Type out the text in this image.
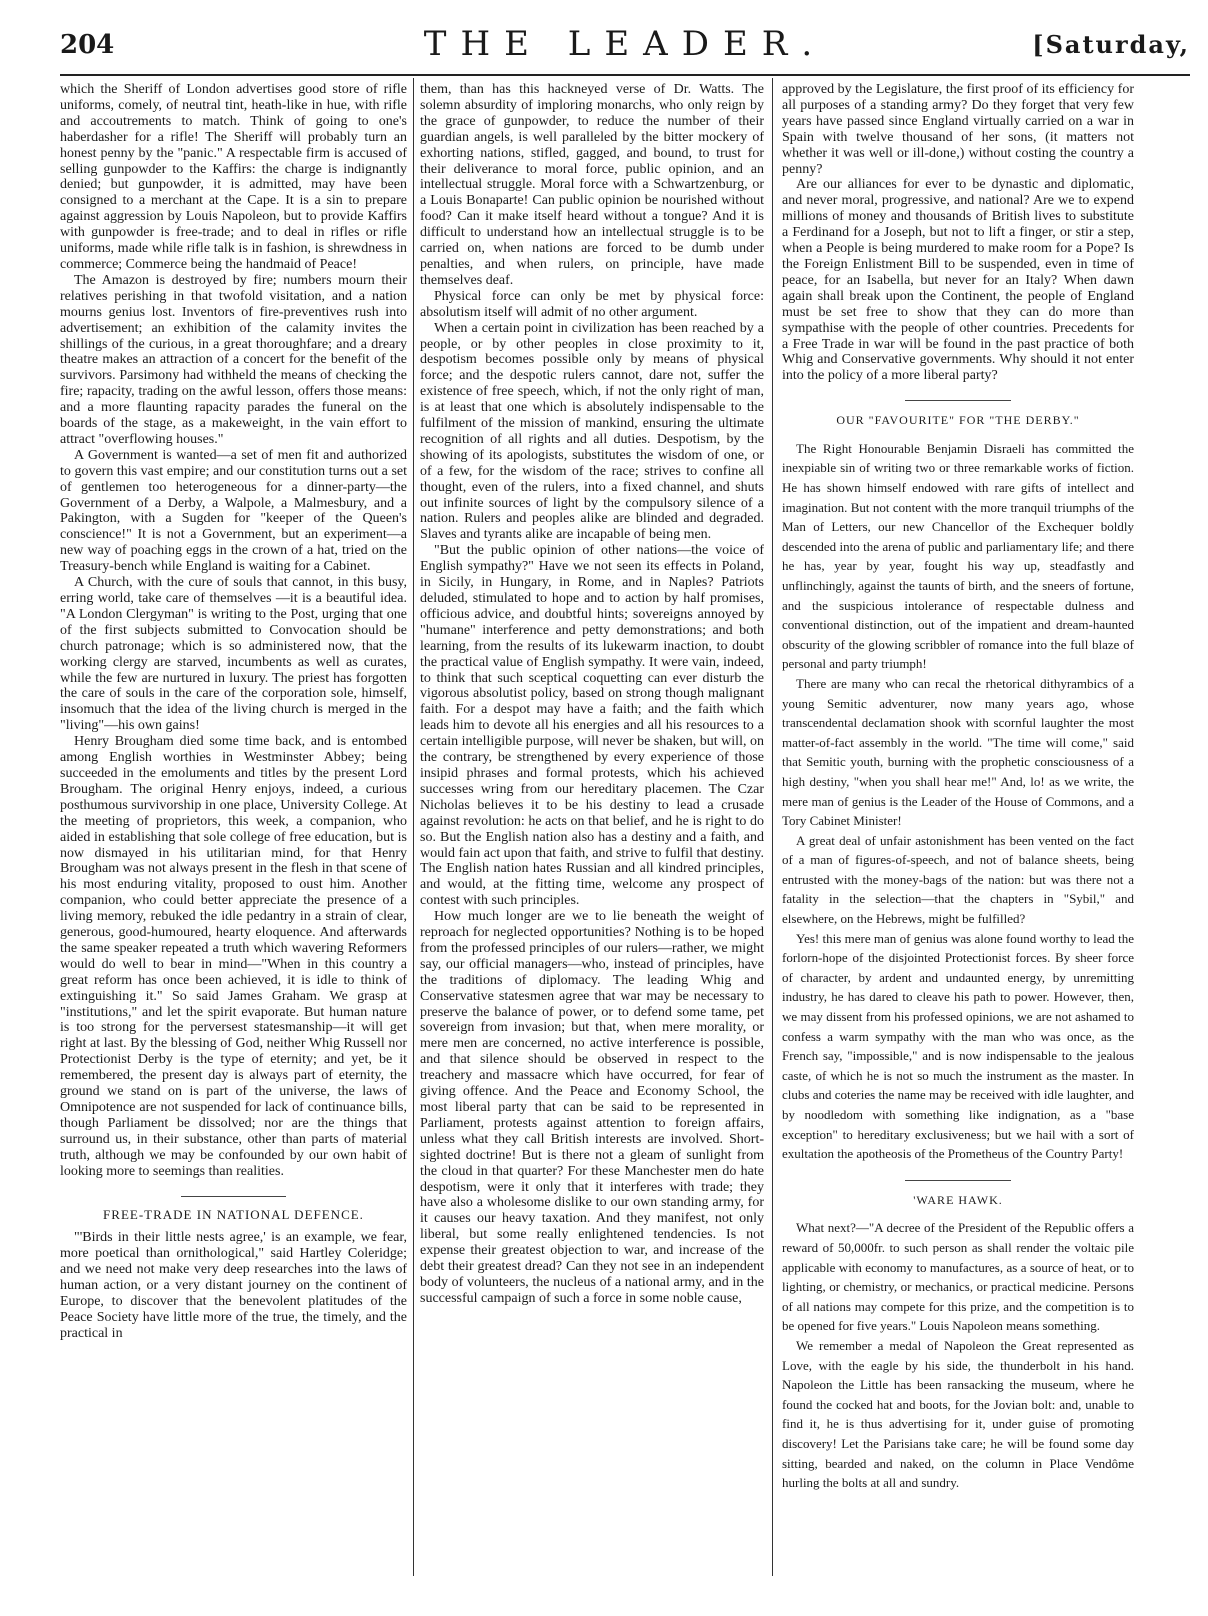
204	THE LEADER.	[Saturday,

which the Sheriff of London advertises good store of rifle uniforms, comely, of neutral tint, heath-like in hue, with rifle and accoutrements to match. Think of going to one's haberdasher for a rifle! The Sheriff will probably turn an honest penny by the "panic." A respectable firm is accused of selling gunpowder to the Kaffirs: the charge is indignantly denied; but gunpowder, it is admitted, may have been consigned to a merchant at the Cape. It is a sin to prepare against aggression by Louis Napoleon, but to provide Kaffirs with gunpowder is free-trade; and to deal in rifles or rifle uniforms, made while rifle talk is in fashion, is shrewdness in commerce; Commerce being the handmaid of Peace!

The Amazon is destroyed by fire; numbers mourn their relatives perishing in that twofold visitation, and a nation mourns genius lost. Inventors of fire-preventives rush into advertisement; an exhibition of the calamity invites the shillings of the curious, in a great thoroughfare; and a dreary theatre makes an attraction of a concert for the benefit of the survivors. Parsimony had withheld the means of checking the fire; rapacity, trading on the awful lesson, offers those means: and a more flaunting rapacity parades the funeral on the boards of the stage, as a makeweight, in the vain effort to attract "overflowing houses."

A Government is wanted—a set of men fit and authorized to govern this vast empire; and our constitution turns out a set of gentlemen too heterogeneous for a dinner-party—the Government of a Derby, a Walpole, a Malmesbury, and a Pakington, with a Sugden for "keeper of the Queen's conscience!" It is not a Government, but an experiment—a new way of poaching eggs in the crown of a hat, tried on the Treasury-bench while England is waiting for a Cabinet.

A Church, with the cure of souls that cannot, in this busy, erring world, take care of themselves —it is a beautiful idea. "A London Clergyman" is writing to the Post, urging that one of the first subjects submitted to Convocation should be church patronage; which is so administered now, that the working clergy are starved, incumbents as well as curates, while the few are nurtured in luxury. The priest has forgotten the care of souls in the care of the corporation sole, himself, insomuch that the idea of the living church is merged in the "living"—his own gains!

Henry Brougham died some time back, and is entombed among English worthies in Westminster Abbey; being succeeded in the emoluments and titles by the present Lord Brougham. The original Henry enjoys, indeed, a curious posthumous survivorship in one place, University College. At the meeting of proprietors, this week, a companion, who aided in establishing that sole college of free education, but is now dismayed in his utilitarian mind, for that Henry Brougham was not always present in the flesh in that scene of his most enduring vitality, proposed to oust him. Another companion, who could better appreciate the presence of a living memory, rebuked the idle pedantry in a strain of clear, generous, good-humoured, hearty eloquence. And afterwards the same speaker repeated a truth which wavering Reformers would do well to bear in mind—"When in this country a great reform has once been achieved, it is idle to think of extinguishing it." So said James Graham. We grasp at "institutions," and let the spirit evaporate. But human nature is too strong for the perversest statesmanship—it will get right at last. By the blessing of God, neither Whig Russell nor Protectionist Derby is the type of eternity; and yet, be it remembered, the present day is always part of eternity, the ground we stand on is part of the universe, the laws of Omnipotence are not suspended for lack of continuance bills, though Parliament be dissolved; nor are the things that surround us, in their substance, other than parts of material truth, although we may be confounded by our own habit of looking more to seemings than realities.

FREE-TRADE IN NATIONAL DEFENCE.

"'Birds in their little nests agree,' is an example, we fear, more poetical than ornithological," said Hartley Coleridge; and we need not make very deep researches into the laws of human action, or a very distant journey on the continent of Europe, to discover that the benevolent platitudes of the Peace Society have little more of the true, the timely, and the practical in

them, than has this hackneyed verse of Dr. Watts. The solemn absurdity of imploring monarchs, who only reign by the grace of gunpowder, to reduce the number of their guardian angels, is well paralleled by the bitter mockery of exhorting nations, stifled, gagged, and bound, to trust for their deliverance to moral force, public opinion, and an intellectual struggle. Moral force with a Schwartzenburg, or a Louis Bonaparte! Can public opinion be nourished without food? Can it make itself heard without a tongue? And it is difficult to understand how an intellectual struggle is to be carried on, when nations are forced to be dumb under penalties, and when rulers, on principle, have made themselves deaf.

Physical force can only be met by physical force: absolutism itself will admit of no other argument.

When a certain point in civilization has been reached by a people, or by other peoples in close proximity to it, despotism becomes possible only by means of physical force; and the despotic rulers cannot, dare not, suffer the existence of free speech, which, if not the only right of man, is at least that one which is absolutely indispensable to the fulfilment of the mission of mankind, ensuring the ultimate recognition of all rights and all duties. Despotism, by the showing of its apologists, substitutes the wisdom of one, or of a few, for the wisdom of the race; strives to confine all thought, even of the rulers, into a fixed channel, and shuts out infinite sources of light by the compulsory silence of a nation. Rulers and peoples alike are blinded and degraded. Slaves and tyrants alike are incapable of being men.

"But the public opinion of other nations—the voice of English sympathy?" Have we not seen its effects in Poland, in Sicily, in Hungary, in Rome, and in Naples? Patriots deluded, stimulated to hope and to action by half promises, officious advice, and doubtful hints; sovereigns annoyed by "humane" interference and petty demonstrations; and both learning, from the results of its lukewarm inaction, to doubt the practical value of English sympathy. It were vain, indeed, to think that such sceptical coquetting can ever disturb the vigorous absolutist policy, based on strong though malignant faith. For a despot may have a faith; and the faith which leads him to devote all his energies and all his resources to a certain intelligible purpose, will never be shaken, but will, on the contrary, be strengthened by every experience of those insipid phrases and formal protests, which his achieved successes wring from our hereditary placemen. The Czar Nicholas believes it to be his destiny to lead a crusade against revolution: he acts on that belief, and he is right to do so. But the English nation also has a destiny and a faith, and would fain act upon that faith, and strive to fulfil that destiny. The English nation hates Russian and all kindred principles, and would, at the fitting time, welcome any prospect of contest with such principles.

How much longer are we to lie beneath the weight of reproach for neglected opportunities? Nothing is to be hoped from the professed principles of our rulers—rather, we might say, our official managers—who, instead of principles, have the traditions of diplomacy. The leading Whig and Conservative statesmen agree that war may be necessary to preserve the balance of power, or to defend some tame, pet sovereign from invasion; but that, when mere morality, or mere men are concerned, no active interference is possible, and that silence should be observed in respect to the treachery and massacre which have occurred, for fear of giving offence. And the Peace and Economy School, the most liberal party that can be said to be represented in Parliament, protests against attention to foreign affairs, unless what they call British interests are involved. Short-sighted doctrine! But is there not a gleam of sunlight from the cloud in that quarter? For these Manchester men do hate despotism, were it only that it interferes with trade; they have also a wholesome dislike to our own standing army, for it causes our heavy taxation. And they manifest, not only liberal, but some really enlightened tendencies. Is not expense their greatest objection to war, and increase of the debt their greatest dread? Can they not see in an independent body of volunteers, the nucleus of a national army, and in the successful campaign of such a force in some noble cause,

approved by the Legislature, the first proof of its efficiency for all purposes of a standing army? Do they forget that very few years have passed since England virtually carried on a war in Spain with twelve thousand of her sons, (it matters not whether it was well or ill-done,) without costing the country a penny?

Are our alliances for ever to be dynastic and diplomatic, and never moral, progressive, and national? Are we to expend millions of money and thousands of British lives to substitute a Ferdinand for a Joseph, but not to lift a finger, or stir a step, when a People is being murdered to make room for a Pope? Is the Foreign Enlistment Bill to be suspended, even in time of peace, for an Isabella, but never for an Italy? When dawn again shall break upon the Continent, the people of England must be set free to show that they can do more than sympathise with the people of other countries. Precedents for a Free Trade in war will be found in the past practice of both Whig and Conservative governments. Why should it not enter into the policy of a more liberal party?

OUR "FAVOURITE" FOR "THE DERBY."

The Right Honourable Benjamin Disraeli has committed the inexpiable sin of writing two or three remarkable works of fiction. He has shown himself endowed with rare gifts of intellect and imagination. But not content with the more tranquil triumphs of the Man of Letters, our new Chancellor of the Exchequer boldly descended into the arena of public and parliamentary life; and there he has, year by year, fought his way up, steadfastly and unflinchingly, against the taunts of birth, and the sneers of fortune, and the suspicious intolerance of respectable dulness and conventional distinction, out of the impatient and dream-haunted obscurity of the glowing scribbler of romance into the full blaze of personal and party triumph!

There are many who can recal the rhetorical dithyrambics of a young Semitic adventurer, now many years ago, whose transcendental declamation shook with scornful laughter the most matter-of-fact assembly in the world. "The time will come," said that Semitic youth, burning with the prophetic consciousness of a high destiny, "when you shall hear me!" And, lo! as we write, the mere man of genius is the Leader of the House of Commons, and a Tory Cabinet Minister!

A great deal of unfair astonishment has been vented on the fact of a man of figures-of-speech, and not of balance sheets, being entrusted with the money-bags of the nation: but was there not a fatality in the selection—that the chapters in "Sybil," and elsewhere, on the Hebrews, might be fulfilled?

Yes! this mere man of genius was alone found worthy to lead the forlorn-hope of the disjointed Protectionist forces. By sheer force of character, by ardent and undaunted energy, by unremitting industry, he has dared to cleave his path to power. However, then, we may dissent from his professed opinions, we are not ashamed to confess a warm sympathy with the man who was once, as the French say, "impossible," and is now indispensable to the jealous caste, of which he is not so much the instrument as the master. In clubs and coteries the name may be received with idle laughter, and by noodledom with something like indignation, as a "base exception" to hereditary exclusiveness; but we hail with a sort of exultation the apotheosis of the Prometheus of the Country Party!

'WARE HAWK.

What next?—"A decree of the President of the Republic offers a reward of 50,000fr. to such person as shall render the voltaic pile applicable with economy to manufactures, as a source of heat, or to lighting, or chemistry, or mechanics, or practical medicine. Persons of all nations may compete for this prize, and the competition is to be opened for five years." Louis Napoleon means something.

We remember a medal of Napoleon the Great represented as Love, with the eagle by his side, the thunderbolt in his hand. Napoleon the Little has been ransacking the museum, where he found the cocked hat and boots, for the Jovian bolt: and, unable to find it, he is thus advertising for it, under guise of promoting discovery! Let the Parisians take care; he will be found some day sitting, bearded and naked, on the column in Place Vendôme hurling the bolts at all and sundry.
